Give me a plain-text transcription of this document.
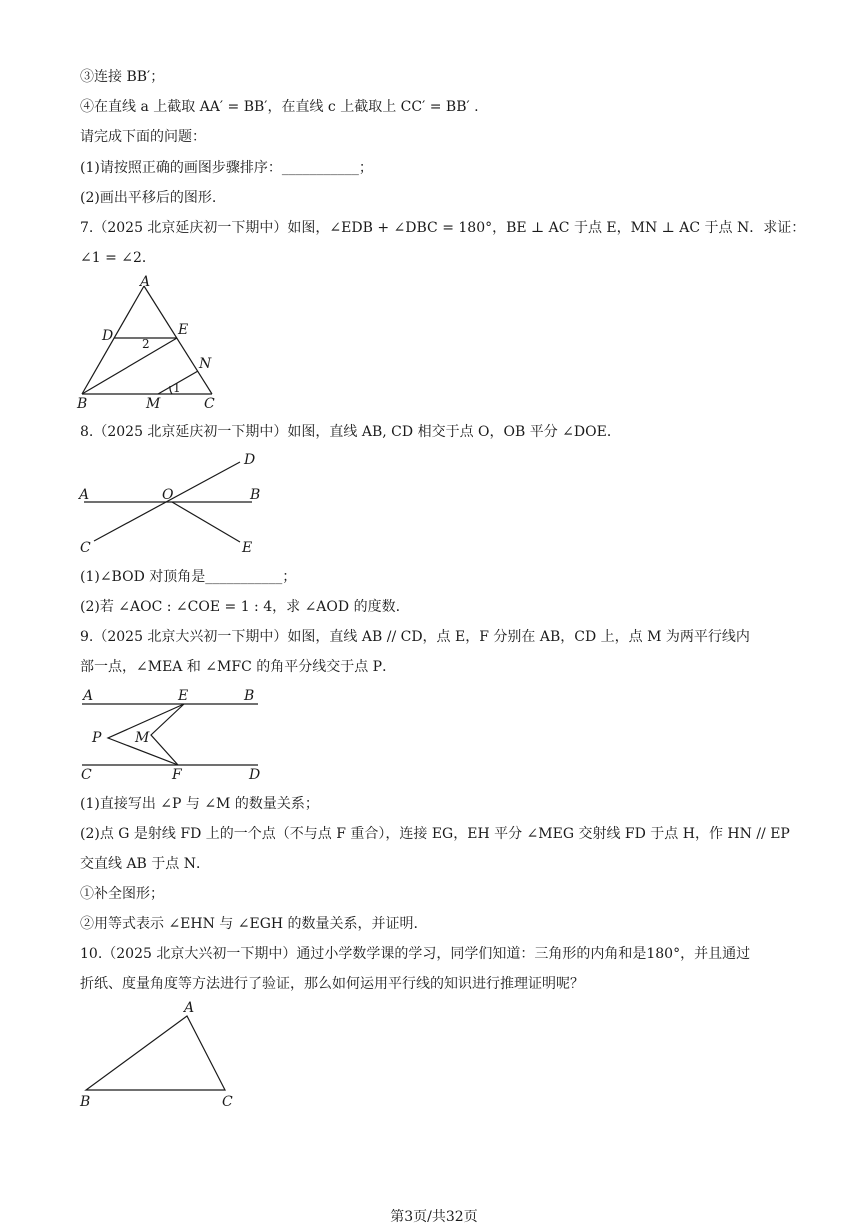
③连接 BB′；
④在直线 a 上截取 AA′ = BB′，在直线 c 上截取上 CC′ = BB′ .
请完成下面的问题：
(1)请按照正确的画图步骤排序：___________；
(2)画出平移后的图形.
7.（2025 北京延庆初一下期中）如图，∠EDB + ∠DBC = 180°，BE ⊥ AC 于点 E，MN ⊥ AC 于点 N．求证：
∠1 = ∠2．
A
D	E
2
N
1
B	M	C
8.（2025 北京延庆初一下期中）如图，直线 AB, CD 相交于点 O，OB 平分 ∠DOE．
D
A	O	B
C	E
(1)∠BOD 对顶角是___________；
(2)若 ∠AOC : ∠COE = 1 : 4，求 ∠AOD 的度数.
9.（2025 北京大兴初一下期中）如图，直线 AB // CD，点 E，F 分别在 AB，CD 上，点 M 为两平行线内
部一点，∠MEA 和 ∠MFC 的角平分线交于点 P．
A	E	B
P M
C	F	D
(1)直接写出 ∠P 与 ∠M 的数量关系；
(2)点 G 是射线 FD 上的一个点（不与点 F 重合），连接 EG，EH 平分 ∠MEG 交射线 FD 于点 H，作 HN // EP
交直线 AB 于点 N．
①补全图形；
②用等式表示 ∠EHN 与 ∠EGH 的数量关系，并证明.
10.（2025 北京大兴初一下期中）通过小学数学课的学习，同学们知道：三角形的内角和是180°，并且通过
折纸、度量角度等方法进行了验证，那么如何运用平行线的知识进行推理证明呢？
A
B	C
第3页/共32页
